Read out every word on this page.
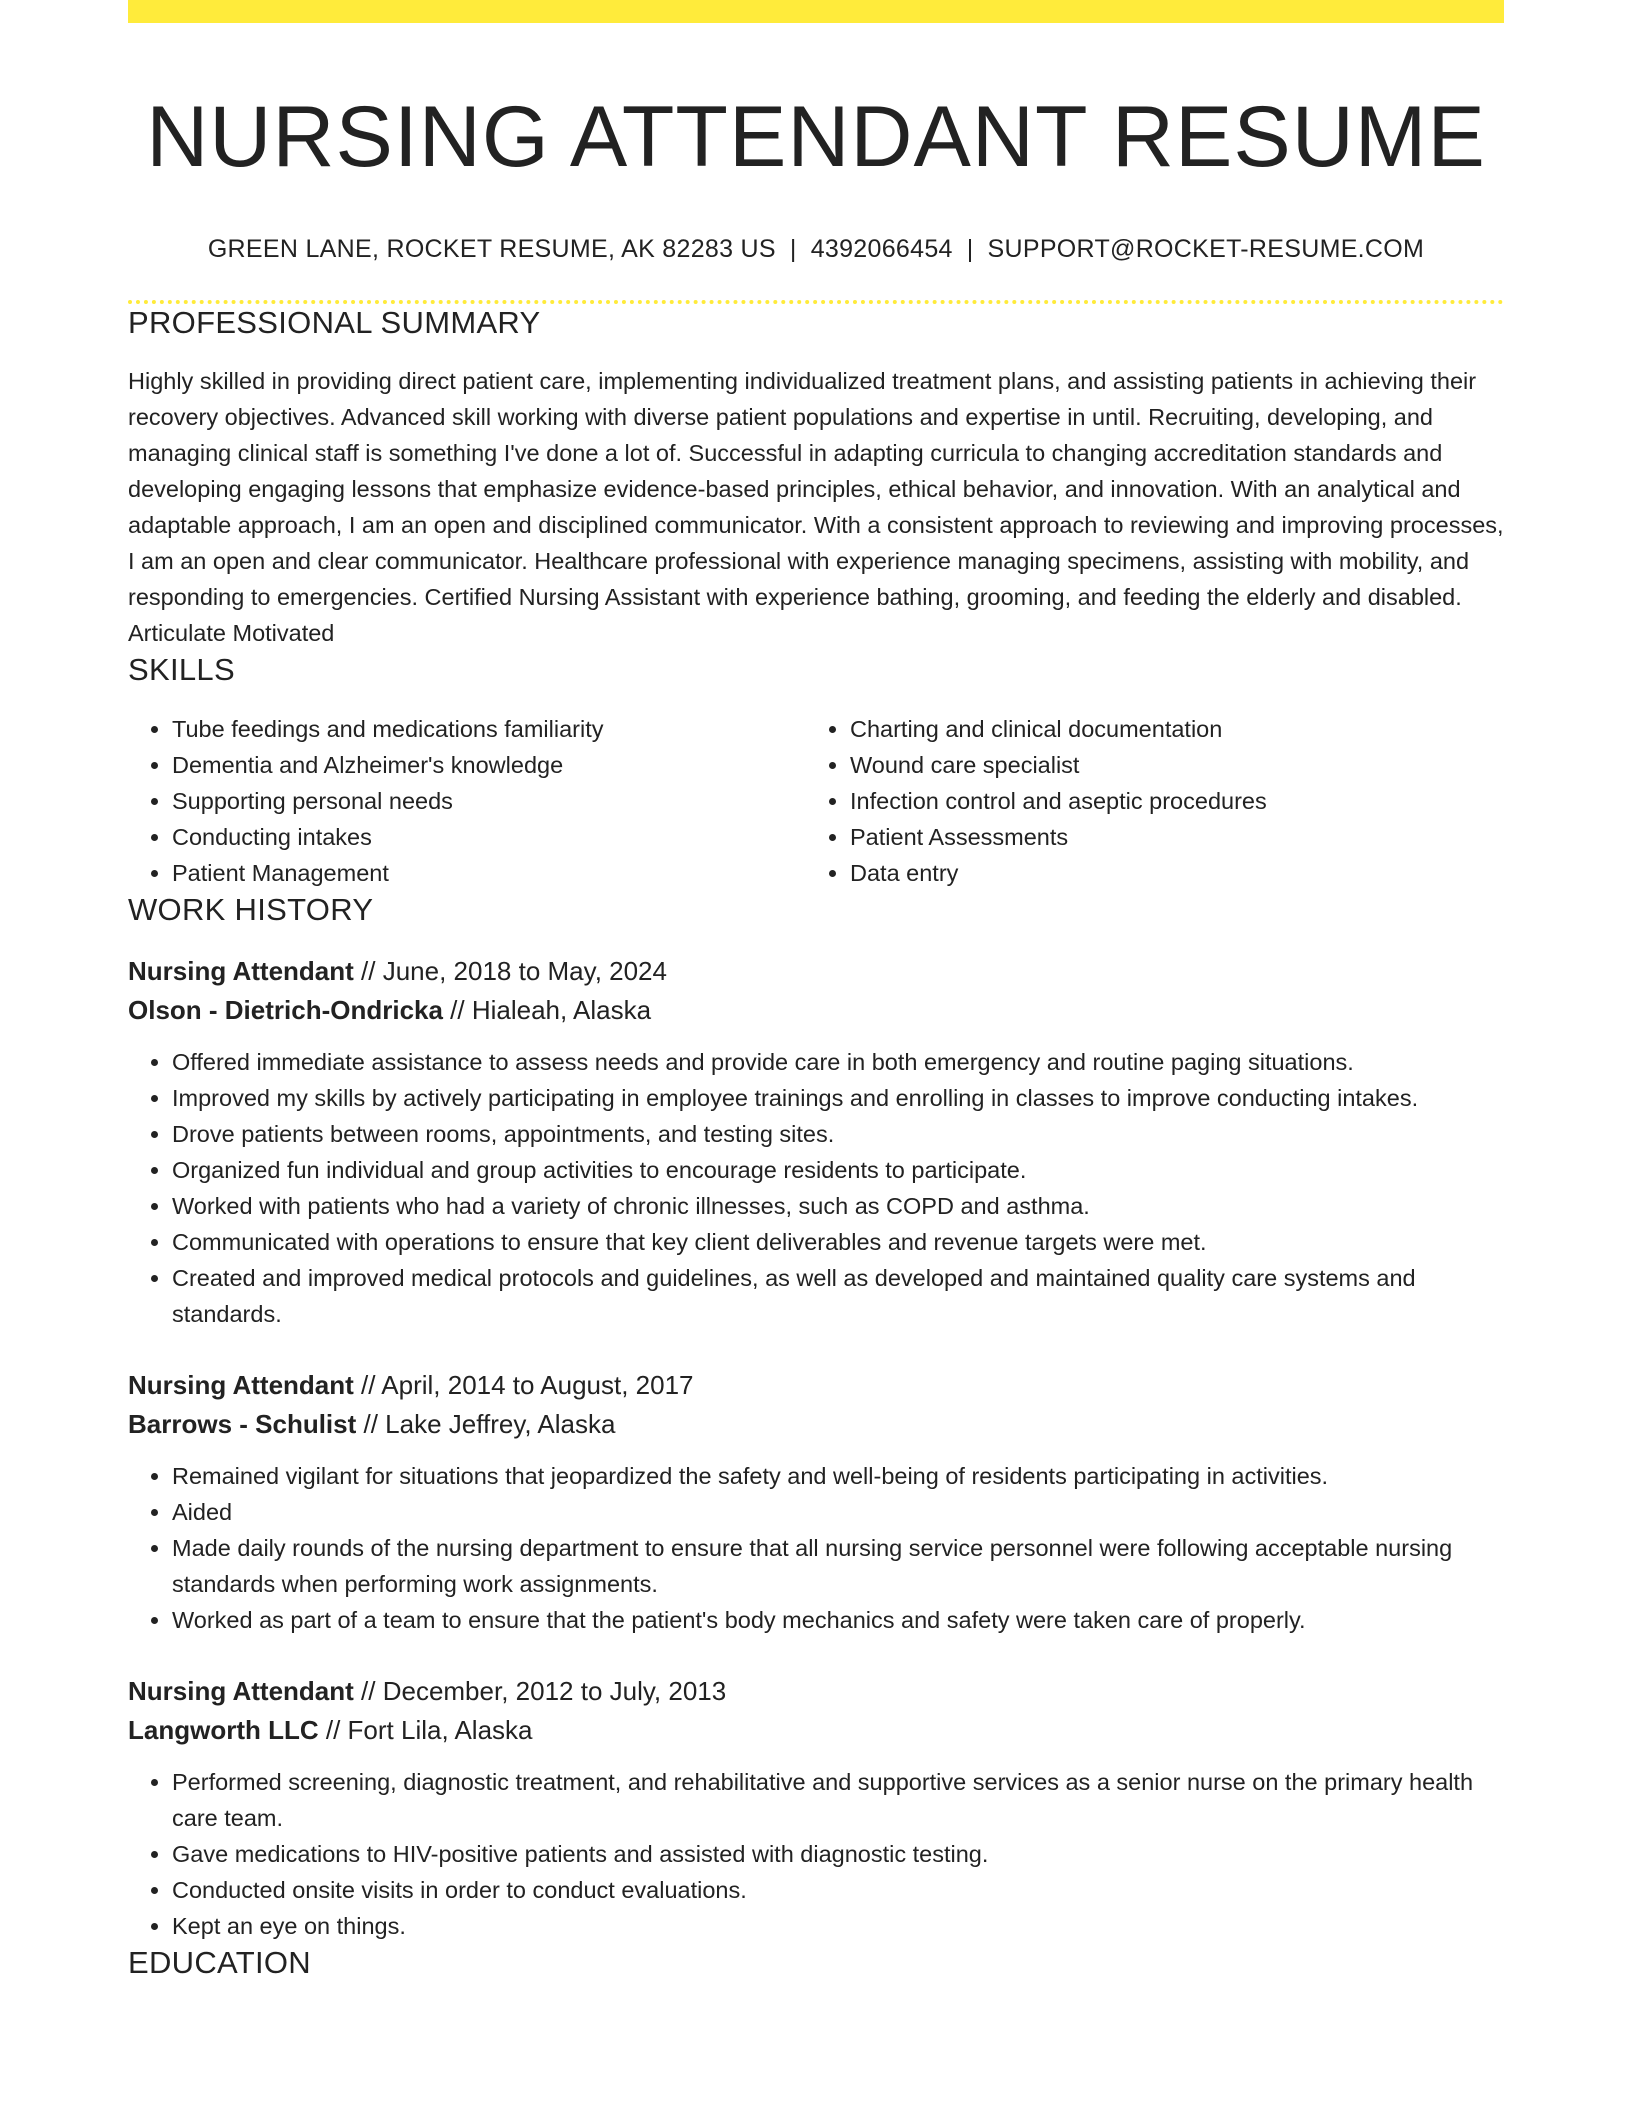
NURSING ATTENDANT RESUME
GREEN LANE, ROCKET RESUME, AK 82283 US | 4392066454 | SUPPORT@ROCKET-RESUME.COM
PROFESSIONAL SUMMARY

Highly skilled in providing direct patient care, implementing individualized treatment plans, and assisting patients in achieving their recovery objectives. Advanced skill working with diverse patient populations and expertise in until. Recruiting, developing, and managing clinical staff is something I've done a lot of. Successful in adapting curricula to changing accreditation standards and developing engaging lessons that emphasize evidence-based principles, ethical behavior, and innovation. With an analytical and adaptable approach, I am an open and disciplined communicator. With a consistent approach to reviewing and improving processes, I am an open and clear communicator. Healthcare professional with experience managing specimens, assisting with mobility, and responding to emergencies. Certified Nursing Assistant with experience bathing, grooming, and feeding the elderly and disabled. Articulate Motivated

SKILLS
• Tube feedings and medications familiarity
• Dementia and Alzheimer's knowledge
• Supporting personal needs
• Conducting intakes
• Patient Management
• Charting and clinical documentation
• Wound care specialist
• Infection control and aseptic procedures
• Patient Assessments
• Data entry
WORK HISTORY
Nursing Attendant // June, 2018 to May, 2024
Olson - Dietrich-Ondricka // Hialeah, Alaska
• Offered immediate assistance to assess needs and provide care in both emergency and routine paging situations.
• Improved my skills by actively participating in employee trainings and enrolling in classes to improve conducting intakes.
• Drove patients between rooms, appointments, and testing sites.
• Organized fun individual and group activities to encourage residents to participate.
• Worked with patients who had a variety of chronic illnesses, such as COPD and asthma.
• Communicated with operations to ensure that key client deliverables and revenue targets were met.
• Created and improved medical protocols and guidelines, as well as developed and maintained quality care systems and standards.
Nursing Attendant // April, 2014 to August, 2017
Barrows - Schulist // Lake Jeffrey, Alaska
• Remained vigilant for situations that jeopardized the safety and well-being of residents participating in activities.
• Aided
• Made daily rounds of the nursing department to ensure that all nursing service personnel were following acceptable nursing standards when performing work assignments.
• Worked as part of a team to ensure that the patient's body mechanics and safety were taken care of properly.
Nursing Attendant // December, 2012 to July, 2013
Langworth LLC // Fort Lila, Alaska
• Performed screening, diagnostic treatment, and rehabilitative and supportive services as a senior nurse on the primary health care team.
• Gave medications to HIV-positive patients and assisted with diagnostic testing.
• Conducted onsite visits in order to conduct evaluations.
• Kept an eye on things.
EDUCATION
